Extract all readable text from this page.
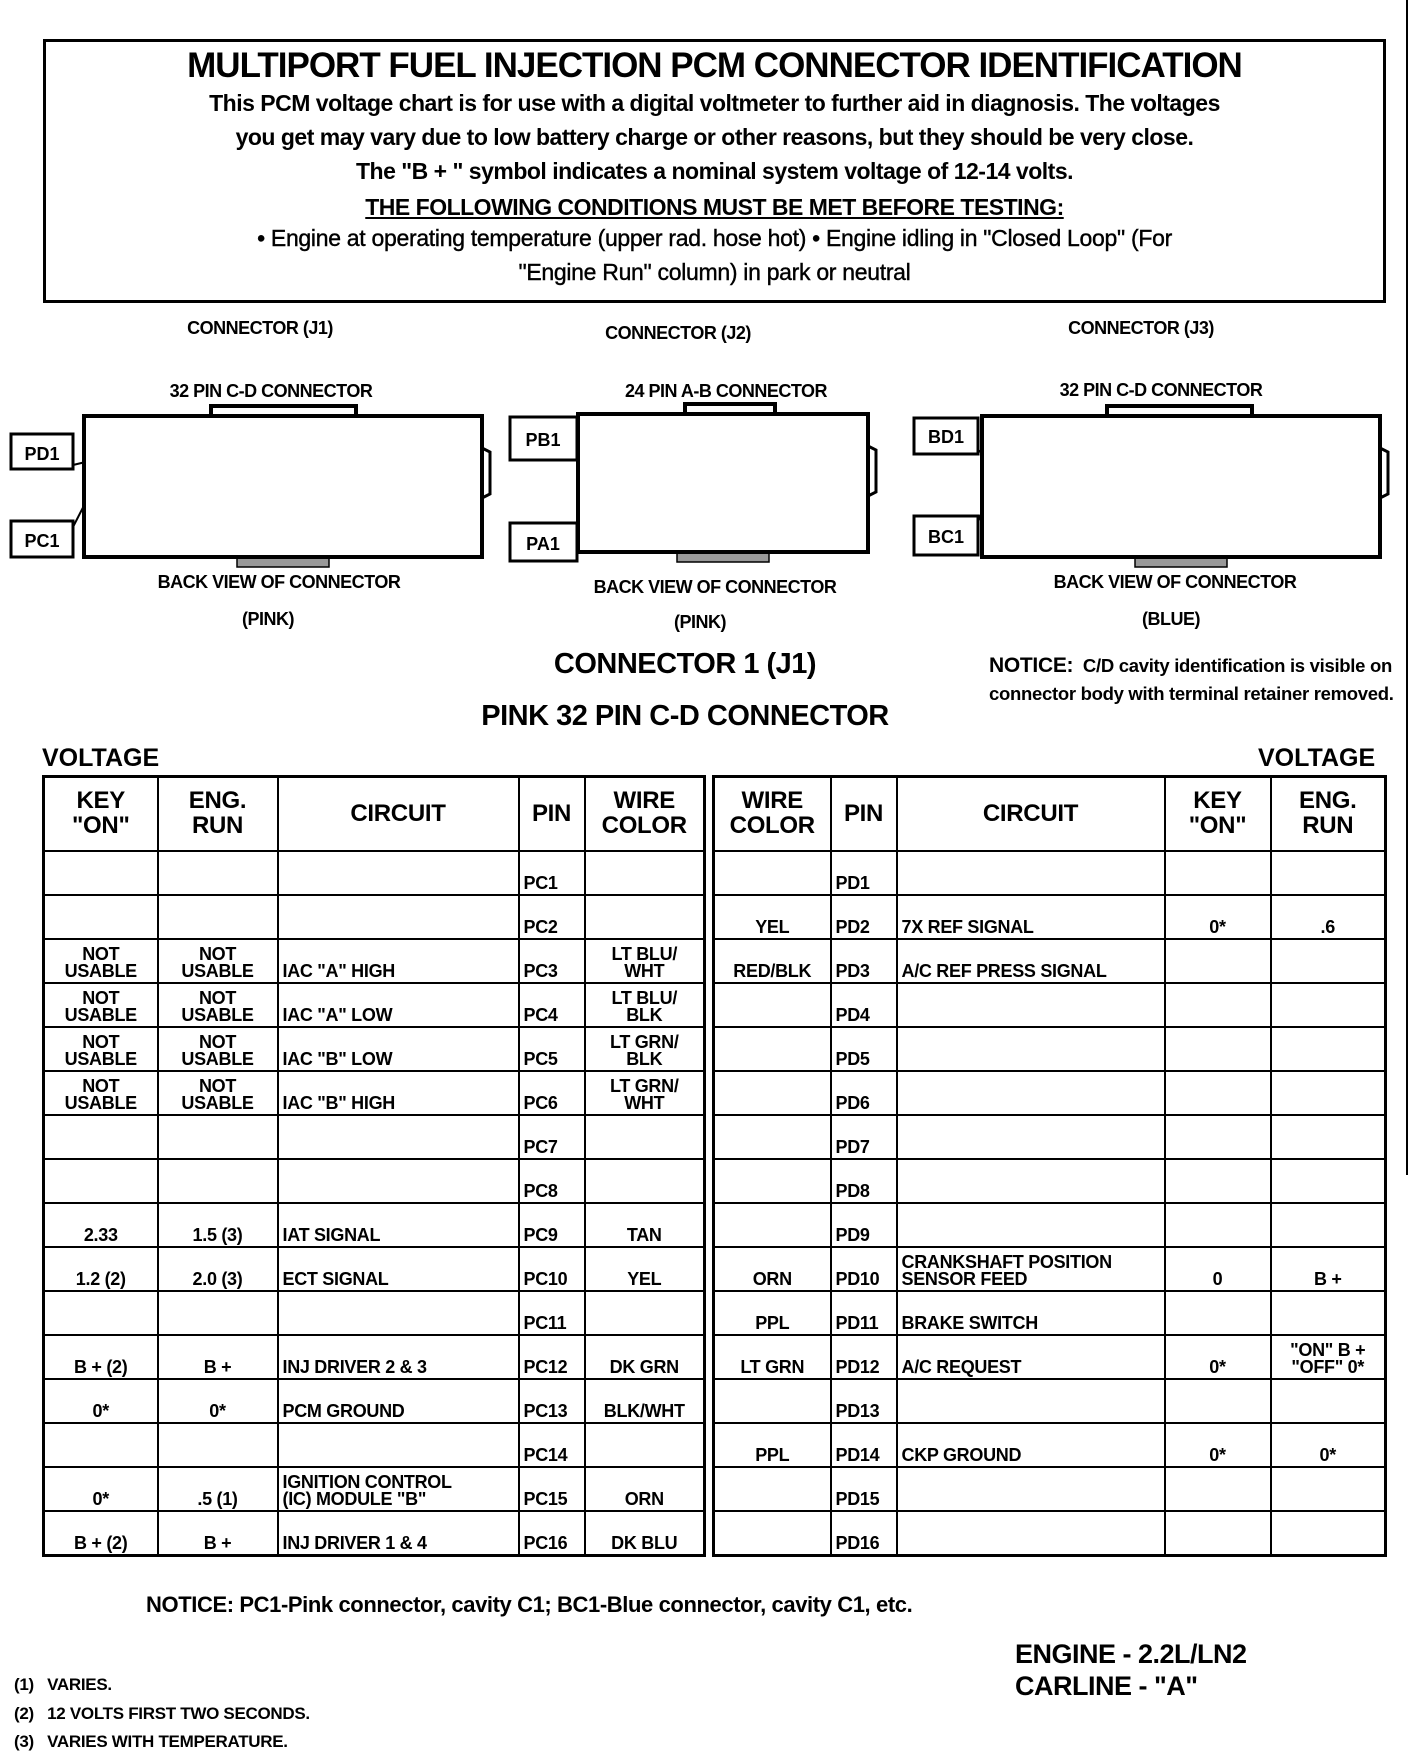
MULTIPORT FUEL INJECTION PCM CONNECTOR IDENTIFICATION
This PCM voltage chart is for use with a digital voltmeter to further aid in diagnosis. The voltages
you get may vary due to low battery charge or other reasons, but they should be very close.
The "B + " symbol indicates a nominal system voltage of 12-14 volts.
THE FOLLOWING CONDITIONS MUST BE MET BEFORE TESTING:
• Engine at operating temperature (upper rad. hose hot) • Engine idling in "Closed Loop" (For
"Engine Run" column) in park or neutral
CONNECTOR (J1)	CONNECTOR (J2)	CONNECTOR (J3)
32 PIN C-D CONNECTOR	24 PIN A-B CONNECTOR	32 PIN C-D CONNECTOR
BACK VIEW OF CONNECTOR	BACK VIEW OF CONNECTOR	BACK VIEW OF CONNECTOR
(PINK)	(PINK)	(BLUE)
PD1
PC1
PB1
PA1
BD1
BC1
CONNECTOR 1 (J1)
PINK 32 PIN C-D CONNECTOR
NOTICE: C/D cavity identification is visible on connector body with terminal retainer removed.
VOLTAGE	VOLTAGE
KEY
"ON"	ENG.
RUN	CIRCUIT	PIN	WIRE
COLOR
			PC1	
			PC2	
NOT
USABLE	NOT
USABLE	IAC "A" HIGH	PC3	LT BLU/
WHT
NOT
USABLE	NOT
USABLE	IAC "A" LOW	PC4	LT BLU/
BLK
NOT
USABLE	NOT
USABLE	IAC "B" LOW	PC5	LT GRN/
BLK
NOT
USABLE	NOT
USABLE	IAC "B" HIGH	PC6	LT GRN/
WHT
			PC7	
			PC8	
2.33	1.5 (3)	IAT SIGNAL	PC9	TAN
1.2 (2)	2.0 (3)	ECT SIGNAL	PC10	YEL
			PC11	
B + (2)	B +	INJ DRIVER 2 & 3	PC12	DK GRN
0*	0*	PCM GROUND	PC13	BLK/WHT
			PC14	
0*	.5 (1)	IGNITION CONTROL
(IC) MODULE "B"	PC15	ORN
B + (2)	B +	INJ DRIVER 1 & 4	PC16	DK BLU
WIRE
COLOR	PIN	CIRCUIT	KEY
"ON"	ENG.
RUN
	PD1			
YEL	PD2	7X REF SIGNAL	0*	.6
RED/BLK	PD3	A/C REF PRESS SIGNAL		
	PD4			
	PD5			
	PD6			
	PD7			
	PD8			
	PD9			
ORN	PD10	CRANKSHAFT POSITION
SENSOR FEED	0	B +
PPL	PD11	BRAKE SWITCH		
LT GRN	PD12	A/C REQUEST	0*	"ON" B +
"OFF" 0*
	PD13			
PPL	PD14	CKP GROUND	0*	0*
	PD15			
	PD16			
NOTICE: PC1-Pink connector, cavity C1; BC1-Blue connector, cavity C1, etc.
ENGINE - 2.2L/LN2
CARLINE - "A"
(1)   VARIES.
(2)   12 VOLTS FIRST TWO SECONDS.
(3)   VARIES WITH TEMPERATURE.
